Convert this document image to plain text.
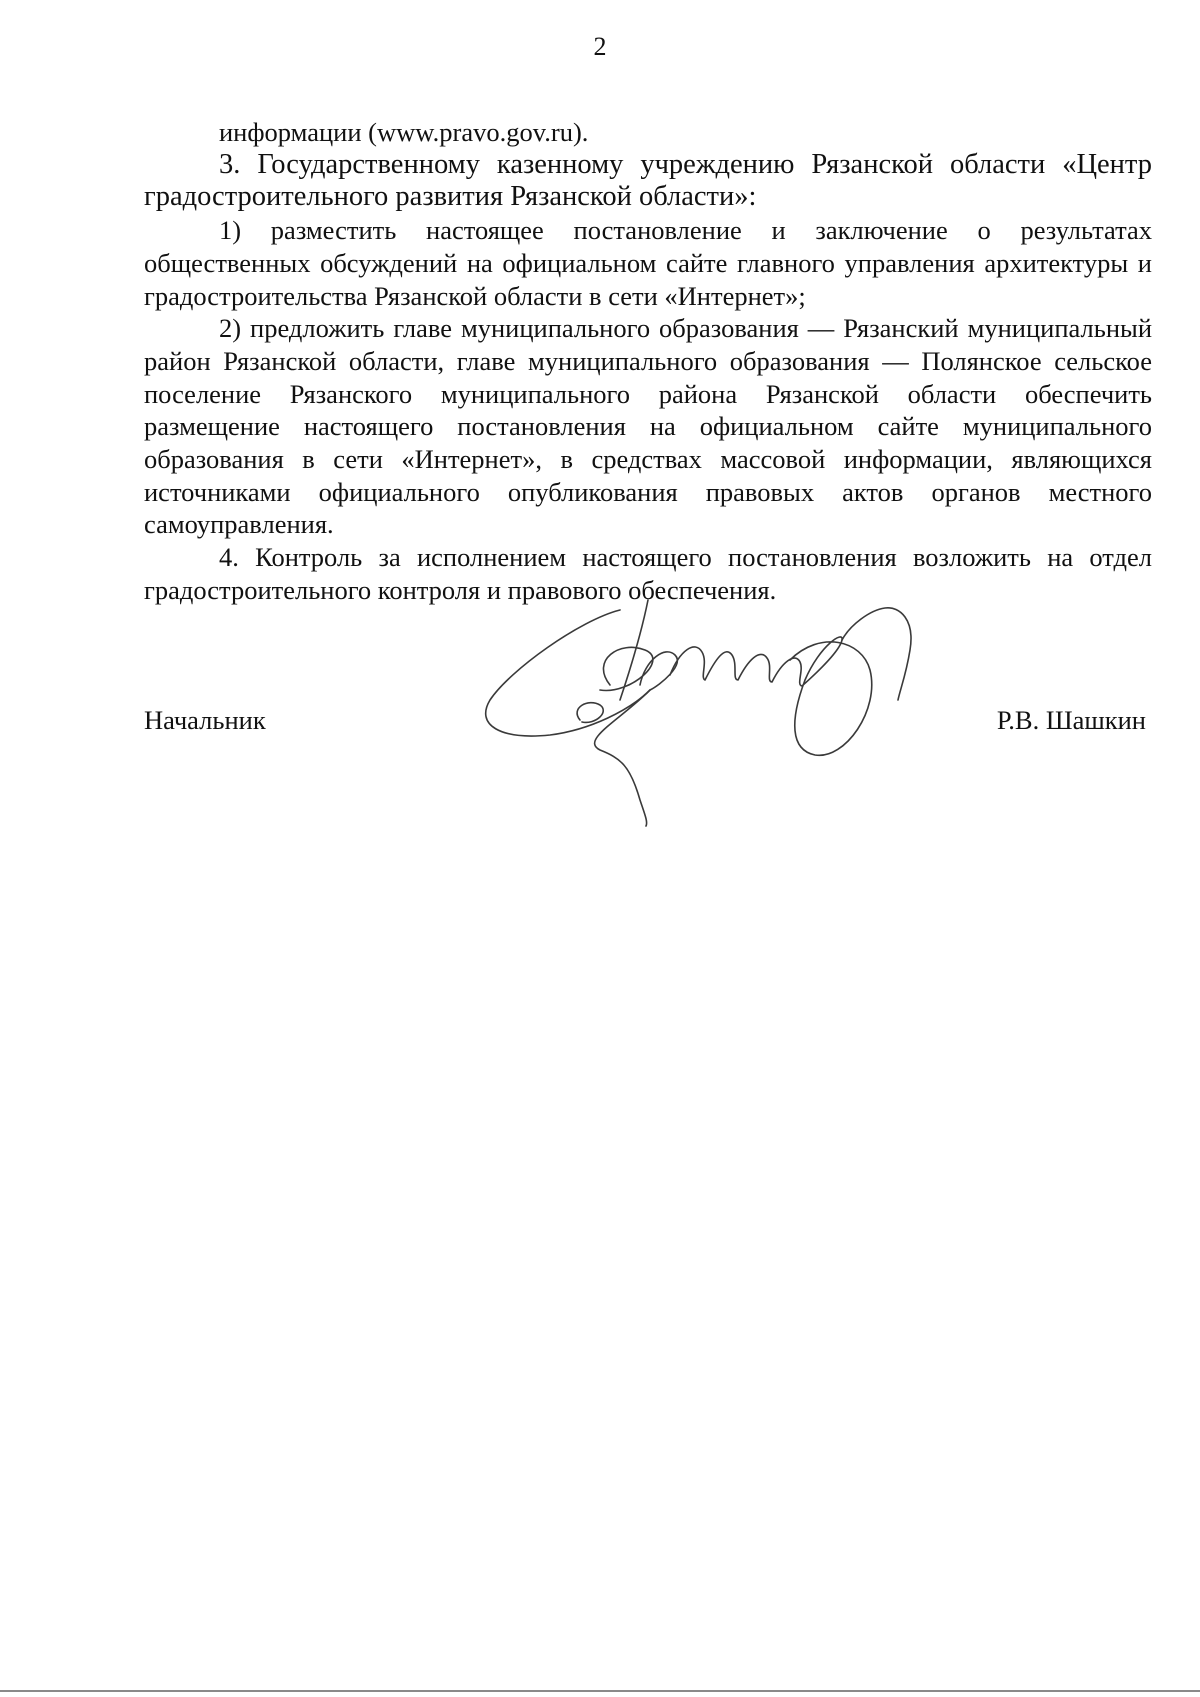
2

информации (www.pravo.gov.ru).

3. Государственному казенному учреждению Рязанской области «Центр градостроительного развития Рязанской области»:

1) разместить настоящее постановление и заключение о результатах общественных обсуждений на официальном сайте главного управления архитектуры и градостроительства Рязанской области в сети «Интернет»;

2) предложить главе муниципального образования — Рязанский муниципальный район Рязанской области, главе муниципального образования — Полянское сельское поселение Рязанского муниципального района Рязанской области обеспечить размещение настоящего постановления на официальном сайте муниципального образования в сети «Интернет», в средствах массовой информации, являющихся источниками официального опубликования правовых актов органов местного самоуправления.

4. Контроль за исполнением настоящего постановления возложить на отдел градостроительного контроля и правового обеспечения.

Начальник	Р.В. Шашкин
